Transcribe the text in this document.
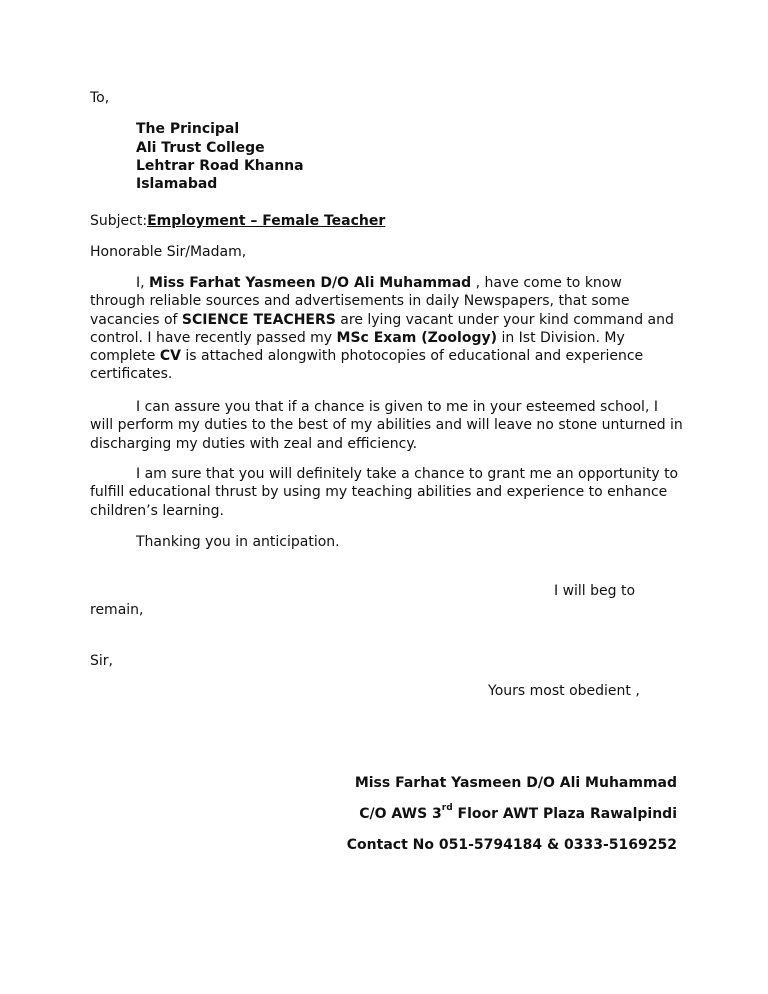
To,
The Principal
Ali Trust College
Lehtrar Road Khanna
Islamabad
Subject:Employment – Female Teacher
Honorable Sir/Madam,
I, Miss Farhat Yasmeen D/O Ali Muhammad , have come to know
through reliable sources and advertisements in daily Newspapers, that some
vacancies of SCIENCE TEACHERS are lying vacant under your kind command and
control. I have recently passed my MSc Exam (Zoology) in Ist Division. My
complete CV is attached alongwith photocopies of educational and experience
certificates.
I can assure you that if a chance is given to me in your esteemed school, I
will perform my duties to the best of my abilities and will leave no stone unturned in
discharging my duties with zeal and efficiency.
I am sure that you will definitely take a chance to grant me an opportunity to
fulfill educational thrust by using my teaching abilities and experience to enhance
children’s learning.
Thanking you in anticipation.
I will beg to
remain,
Sir,
Yours most obedient ,
Miss Farhat Yasmeen D/O Ali Muhammad
C/O AWS 3rd Floor AWT Plaza Rawalpindi
Contact No 051-5794184 & 0333-5169252
